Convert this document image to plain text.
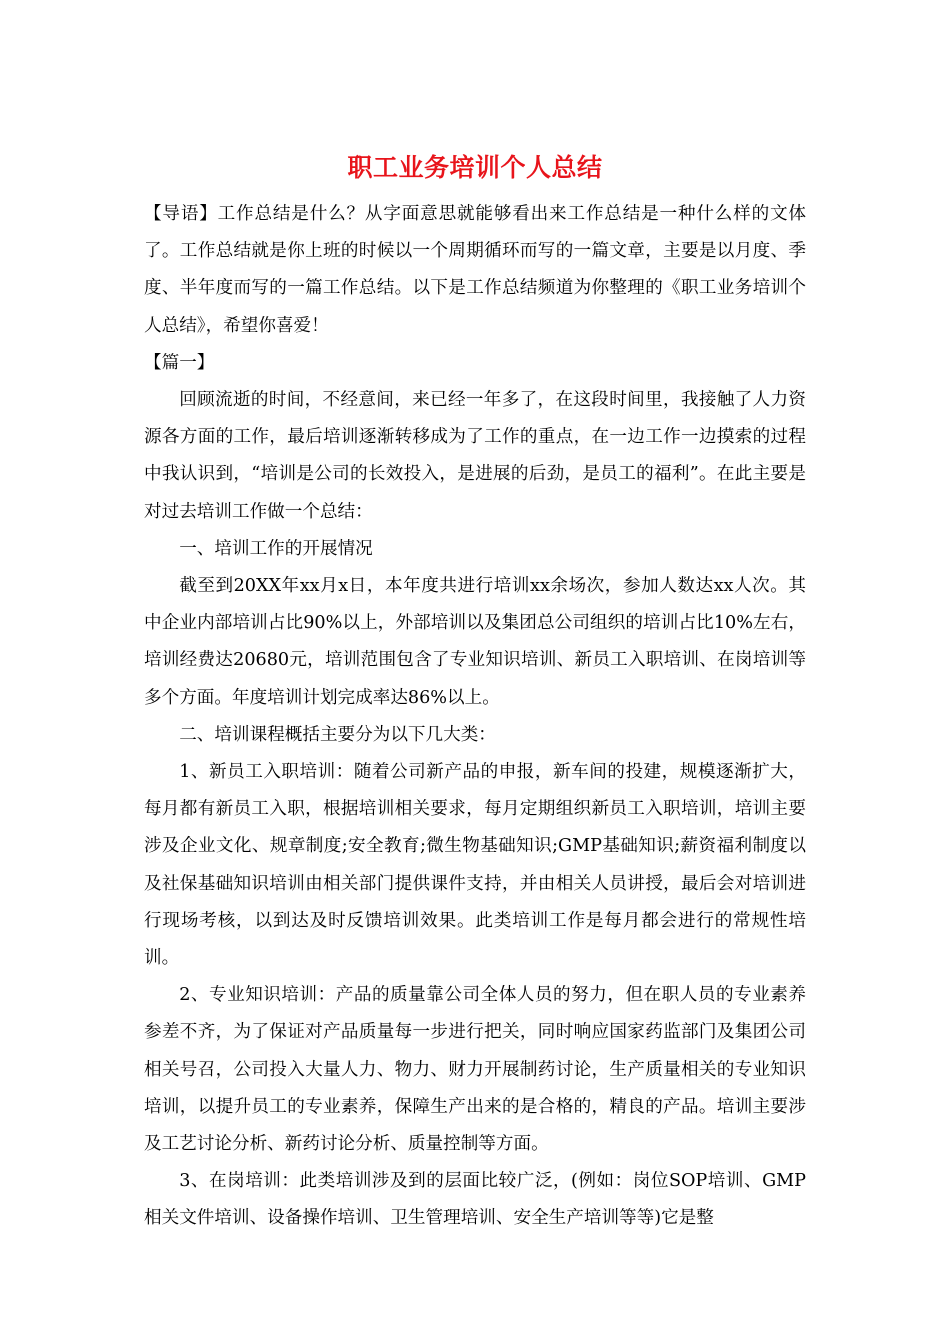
职工业务培训个人总结

【导语】工作总结是什么？从字面意思就能够看出来工作总结是一种什么样的文体了。工作总结就是你上班的时候以一个周期循环而写的一篇文章，主要是以月度、季度、半年度而写的一篇工作总结。以下是工作总结频道为你整理的《职工业务培训个人总结》，希望你喜爱！

【篇一】

回顾流逝的时间，不经意间，来已经一年多了，在这段时间里，我接触了人力资源各方面的工作，最后培训逐渐转移成为了工作的重点，在一边工作一边摸索的过程中我认识到，“培训是公司的长效投入，是进展的后劲，是员工的福利”。在此主要是对过去培训工作做一个总结：

一、培训工作的开展情况

截至到20XX年xx月x日，本年度共进行培训xx余场次，参加人数达xx人次。其中企业内部培训占比90%以上，外部培训以及集团总公司组织的培训占比10%左右，培训经费达20680元，培训范围包含了专业知识培训、新员工入职培训、在岗培训等多个方面。年度培训计划完成率达86%以上。

二、培训课程概括主要分为以下几大类：

1、新员工入职培训：随着公司新产品的申报，新车间的投建，规模逐渐扩大，每月都有新员工入职，根据培训相关要求，每月定期组织新员工入职培训，培训主要涉及企业文化、规章制度;安全教育;微生物基础知识;GMP基础知识;薪资福利制度以及社保基础知识培训由相关部门提供课件支持，并由相关人员讲授，最后会对培训进行现场考核，以到达及时反馈培训效果。此类培训工作是每月都会进行的常规性培训。

2、专业知识培训：产品的质量靠公司全体人员的努力，但在职人员的专业素养参差不齐，为了保证对产品质量每一步进行把关，同时响应国家药监部门及集团公司相关号召，公司投入大量人力、物力、财力开展制药讨论，生产质量相关的专业知识培训，以提升员工的专业素养，保障生产出来的是合格的，精良的产品。培训主要涉及工艺讨论分析、新药讨论分析、质量控制等方面。

3、在岗培训：此类培训涉及到的层面比较广泛，(例如：岗位SOP培训、GMP相关文件培训、设备操作培训、卫生管理培训、安全生产培训等等)它是整
